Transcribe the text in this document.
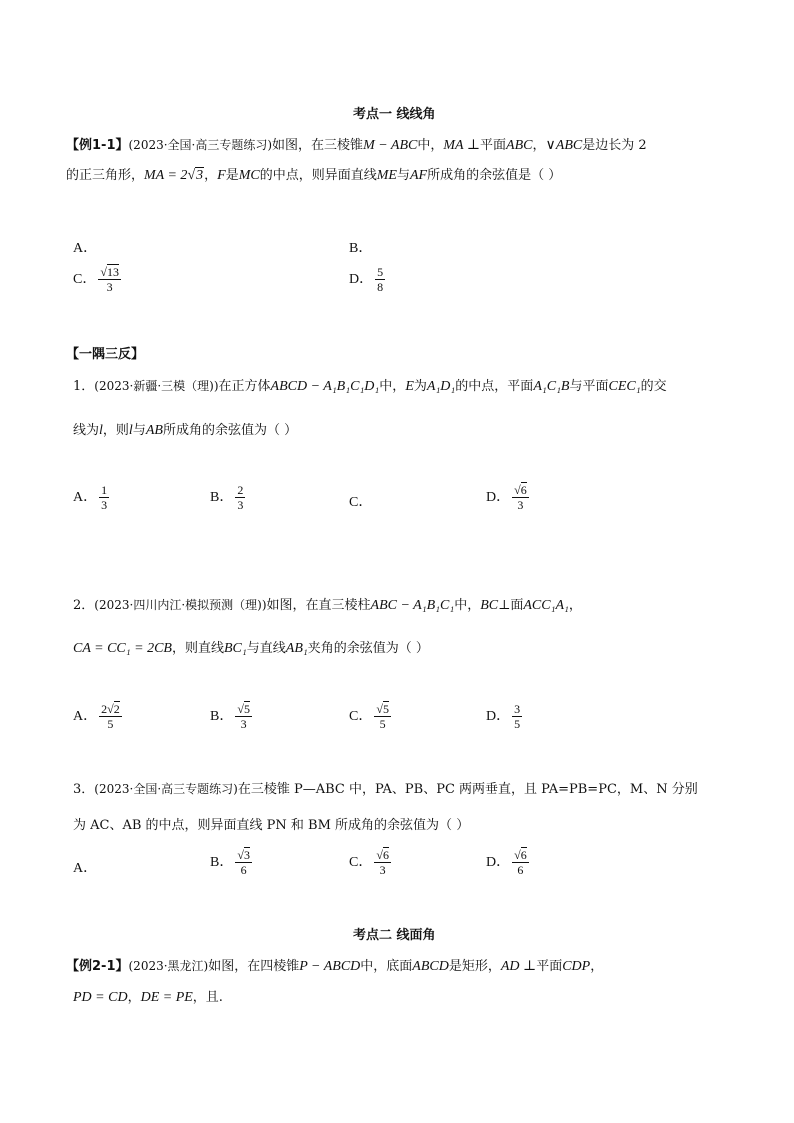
考点一 线线角
【例1-1】(2023·全国·高三专题练习)如图，在三棱锥M − ABC中，MA ⊥平面ABC，∨ABC是边长为 2
的正三角形，MA = 2√3，F是MC的中点，则异面直线ME与AF所成角的余弦值是（ ）
A．	B．
C． $\frac{√13}{3}$	D． $\frac{5}{8}$
【一隅三反】
1．(2023·新疆·三模（理))在正方体ABCD − A₁B₁C₁D₁中，E为A₁D₁的中点，平面A₁C₁B与平面CEC₁的交
线为l，则l与AB所成角的余弦值为（ ）
A． $\frac{1}{3}$	B． $\frac{2}{3}$	C．	D． $\frac{√6}{3}$
2．(2023·四川内江·模拟预测（理))如图，在直三棱柱ABC − A₁B₁C₁中，BC⊥面ACC₁A₁，
CA = CC₁ = 2CB，则直线BC₁与直线AB₁夹角的余弦值为（ ）
A． $\frac{2√2}{5}$	B． $\frac{√5}{3}$	C． $\frac{√5}{5}$	D． $\frac{3}{5}$
3．(2023·全国·高三专题练习)在三棱锥 P—ABC 中，PA、PB、PC 两两垂直，且 PA=PB=PC，M、N 分别
为 AC、AB 的中点，则异面直线 PN 和 BM 所成角的余弦值为（ ）
A．	B． $\frac{√3}{6}$	C． $\frac{√6}{3}$	D． $\frac{√6}{6}$
考点二 线面角
【例2-1】(2023·黑龙江)如图，在四棱锥P − ABCD中，底面ABCD是矩形，AD ⊥平面CDP，
PD = CD，DE = PE，且.
